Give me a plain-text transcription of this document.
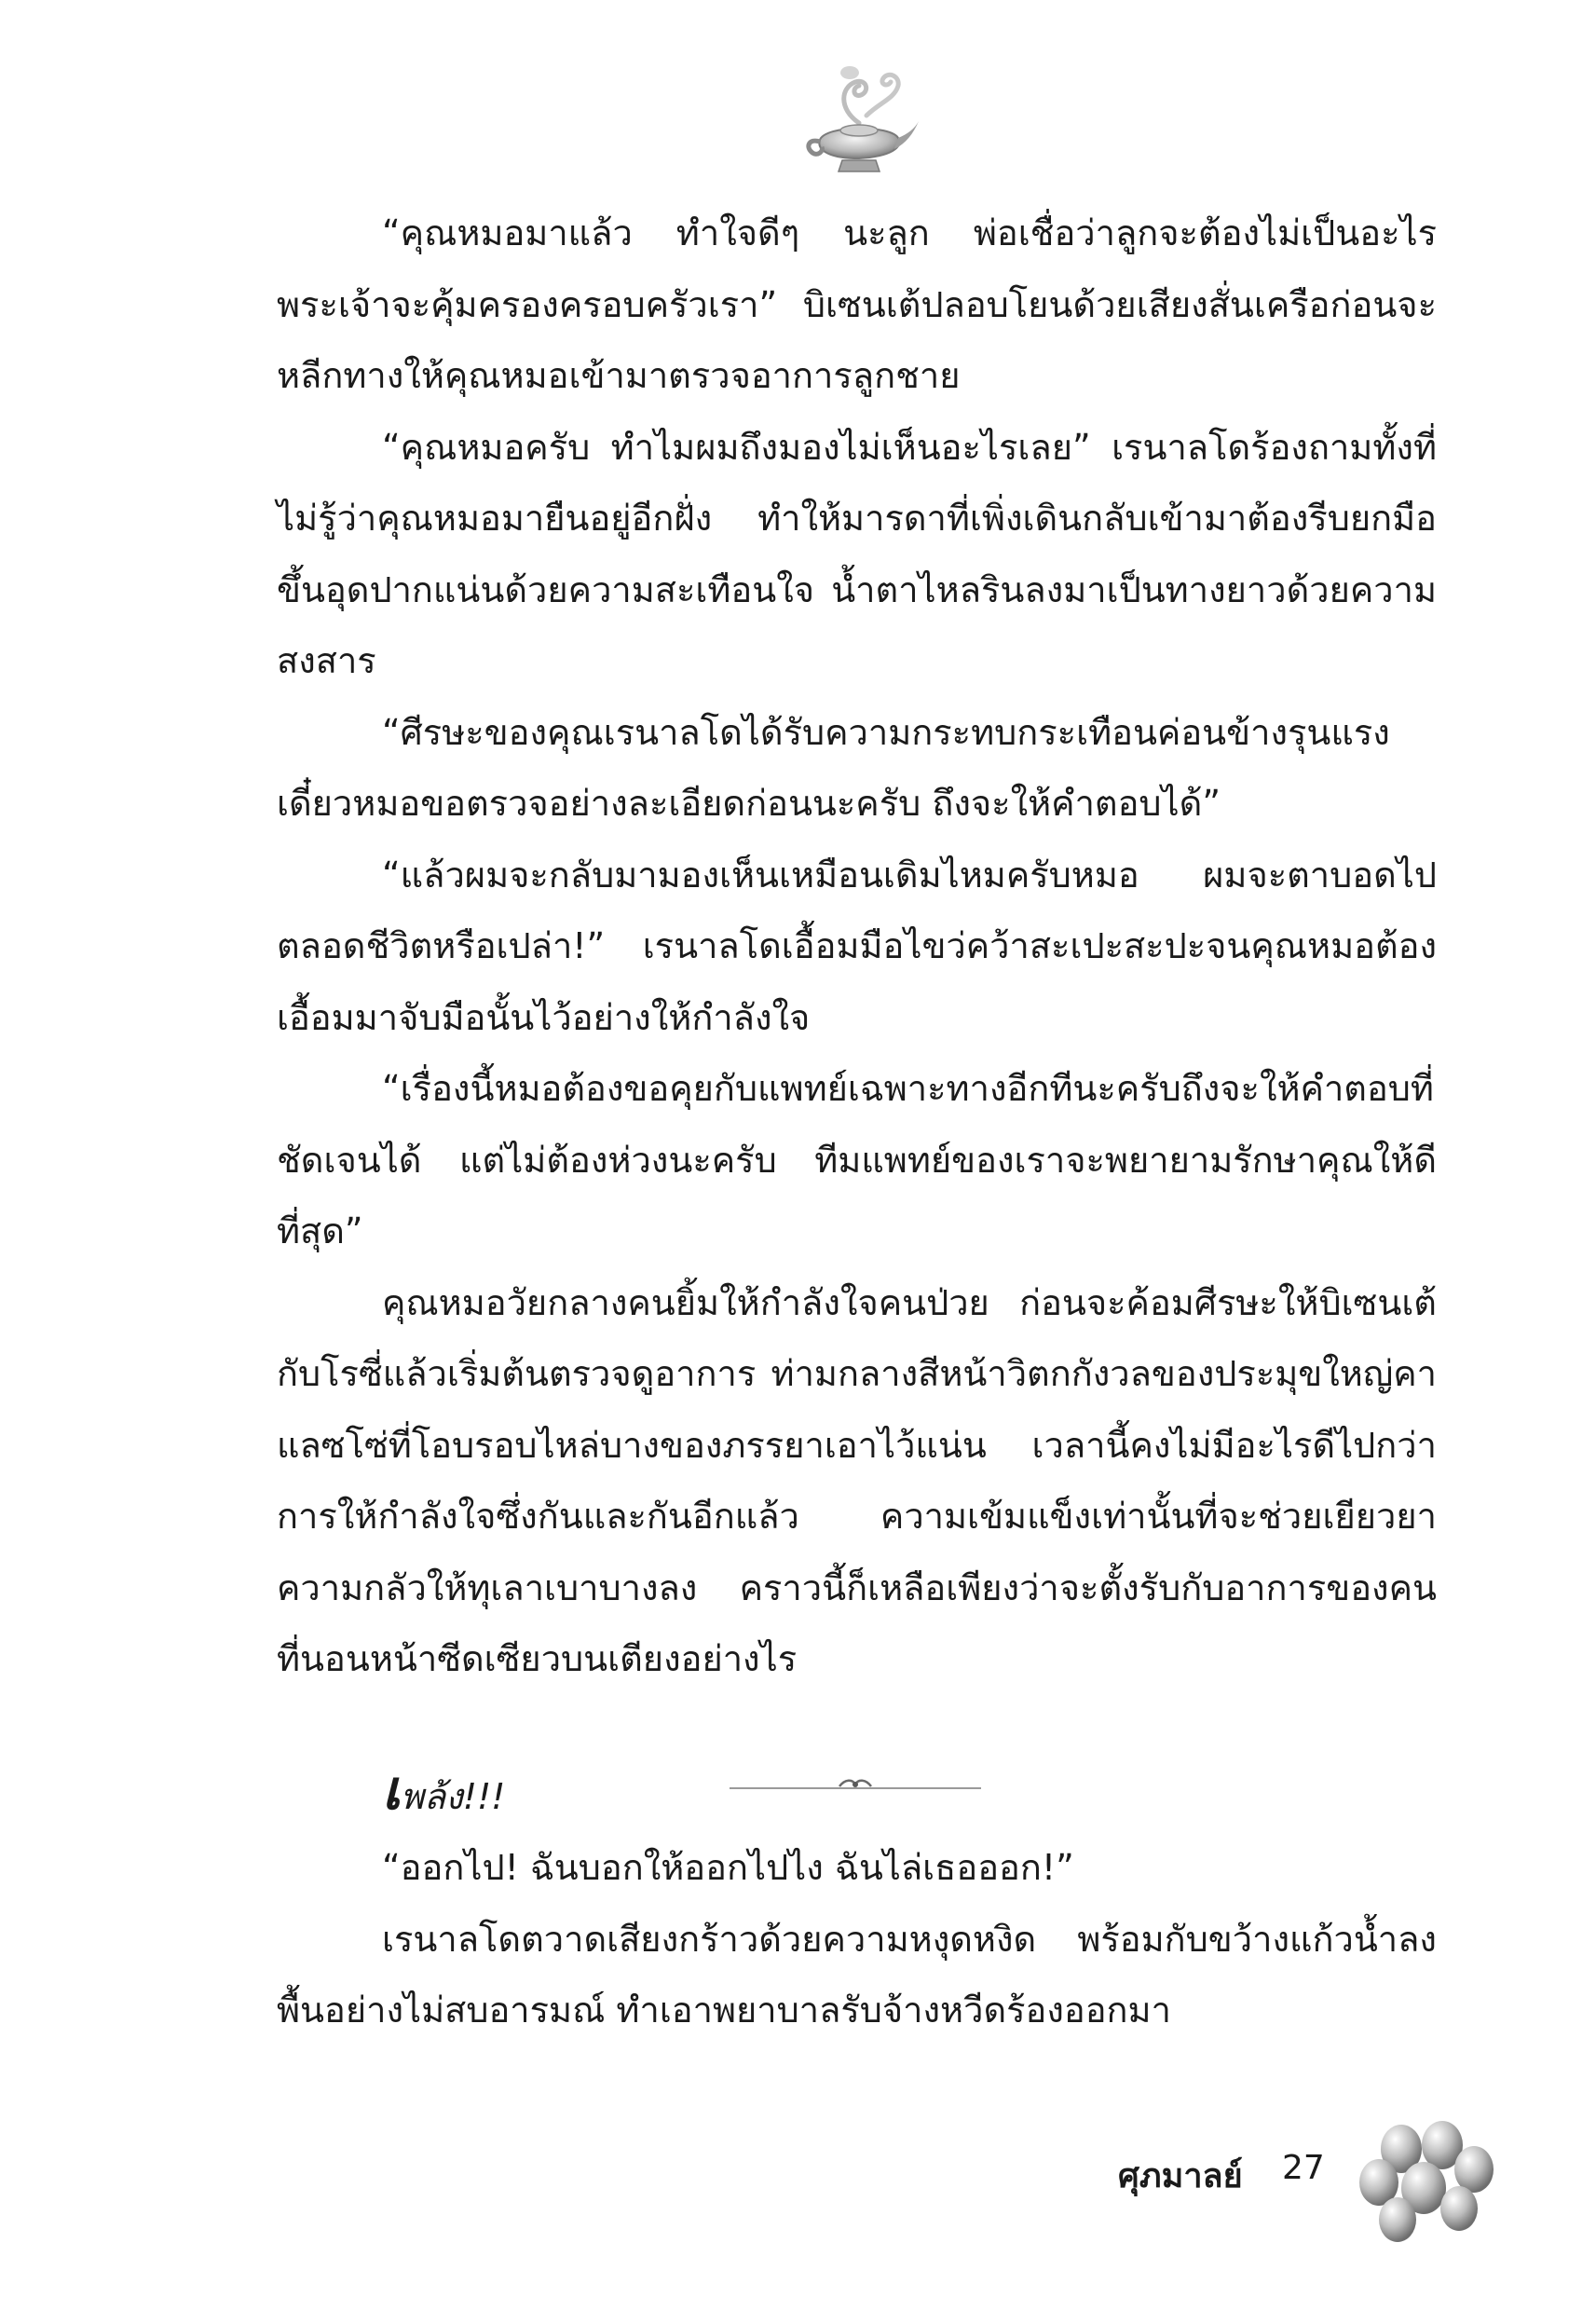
“คุณหมอมาแล้ว ทำใจดีๆ นะลูก พ่อเชื่อว่าลูกจะต้องไม่เป็นอะไร พระเจ้าจะคุ้มครองครอบครัวเรา” บิเซนเต้ปลอบโยนด้วยเสียงสั่นเครือก่อนจะหลีกทางให้คุณหมอเข้ามาตรวจอาการลูกชาย

“คุณหมอครับ ทำไมผมถึงมองไม่เห็นอะไรเลย” เรนาลโดร้องถามทั้งที่ไม่รู้ว่าคุณหมอมายืนอยู่อีกฝั่ง ทำให้มารดาที่เพิ่งเดินกลับเข้ามาต้องรีบยกมือขึ้นอุดปากแน่นด้วยความสะเทือนใจ น้ำตาไหลรินลงมาเป็นทางยาวด้วยความสงสาร

“ศีรษะของคุณเรนาลโดได้รับความกระทบกระเทือนค่อนข้างรุนแรง เดี๋ยวหมอขอตรวจอย่างละเอียดก่อนนะครับ ถึงจะให้คำตอบได้”

“แล้วผมจะกลับมามองเห็นเหมือนเดิมไหมครับหมอ ผมจะตาบอดไปตลอดชีวิตหรือเปล่า!” เรนาลโดเอื้อมมือไขว่คว้าสะเปะสะปะจนคุณหมอต้องเอื้อมมาจับมือนั้นไว้อย่างให้กำลังใจ

“เรื่องนี้หมอต้องขอคุยกับแพทย์เฉพาะทางอีกทีนะครับถึงจะให้คำตอบที่ชัดเจนได้ แต่ไม่ต้องห่วงนะครับ ทีมแพทย์ของเราจะพยายามรักษาคุณให้ดีที่สุด”

คุณหมอวัยกลางคนยิ้มให้กำลังใจคนป่วย ก่อนจะค้อมศีรษะให้บิเซนเต้กับโรซี่แล้วเริ่มต้นตรวจดูอาการ ท่ามกลางสีหน้าวิตกกังวลของประมุขใหญ่คาแลซโซ่ที่โอบรอบไหล่บางของภรรยาเอาไว้แน่น เวลานี้คงไม่มีอะไรดีไปกว่าการให้กำลังใจซึ่งกันและกันอีกแล้ว ความเข้มแข็งเท่านั้นที่จะช่วยเยียวยาความกลัวให้ทุเลาเบาบางลง คราวนี้ก็เหลือเพียงว่าจะตั้งรับกับอาการของคนที่นอนหน้าซีดเซียวบนเตียงอย่างไร

เพล้ง!!!

“ออกไป! ฉันบอกให้ออกไปไง ฉันไล่เธอออก!”

เรนาลโดตวาดเสียงกร้าวด้วยความหงุดหงิด พร้อมกับขว้างแก้วน้ำลงพื้นอย่างไม่สบอารมณ์ ทำเอาพยาบาลรับจ้างหวีดร้องออกมา

ศุภมาลย์ 27
